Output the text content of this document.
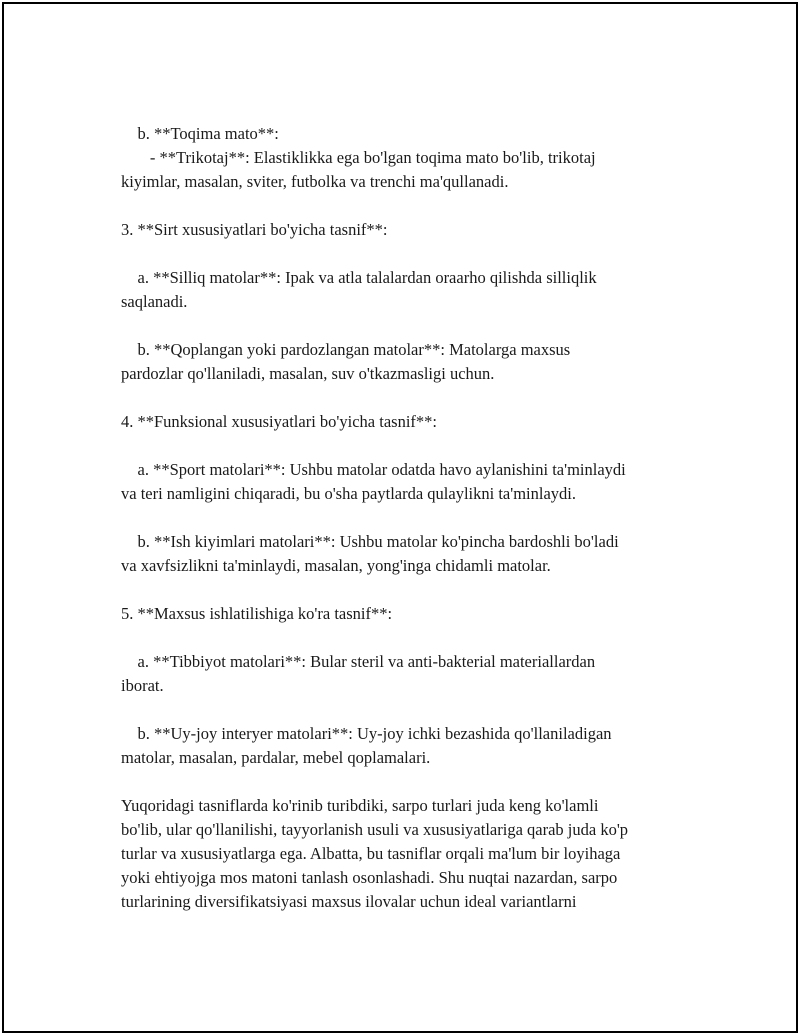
b. **Toqima mato**:
- **Trikotaj**: Elastiklikka ega bo'lgan toqima mato bo'lib, trikotaj
kiyimlar, masalan, sviter, futbolka va trenchi ma'qullanadi.
3. **Sirt xususiyatlari bo'yicha tasnif**:
a. **Silliq matolar**: Ipak va atla talalardan oraarho qilishda silliqlik
saqlanadi.
b. **Qoplangan yoki pardozlangan matolar**: Matolarga maxsus
pardozlar qo'llaniladi, masalan, suv o'tkazmasligi uchun.
4. **Funksional xususiyatlari bo'yicha tasnif**:
a. **Sport matolari**: Ushbu matolar odatda havo aylanishini ta'minlaydi
va teri namligini chiqaradi, bu o'sha paytlarda qulaylikni ta'minlaydi.
b. **Ish kiyimlari matolari**: Ushbu matolar ko'pincha bardoshli bo'ladi
va xavfsizlikni ta'minlaydi, masalan, yong'inga chidamli matolar.
5. **Maxsus ishlatilishiga ko'ra tasnif**:
a. **Tibbiyot matolari**: Bular steril va anti-bakterial materiallardan
iborat.
b. **Uy-joy interyer matolari**: Uy-joy ichki bezashida qo'llaniladigan
matolar, masalan, pardalar, mebel qoplamalari.
Yuqoridagi tasniflarda ko'rinib turibdiki, sarpo turlari juda keng ko'lamli
bo'lib, ular qo'llanilishi, tayyorlanish usuli va xususiyatlariga qarab juda ko'p
turlar va xususiyatlarga ega. Albatta, bu tasniflar orqali ma'lum bir loyihaga
yoki ehtiyojga mos matoni tanlash osonlashadi. Shu nuqtai nazardan, sarpo
turlarining diversifikatsiyasi maxsus ilovalar uchun ideal variantlarni
